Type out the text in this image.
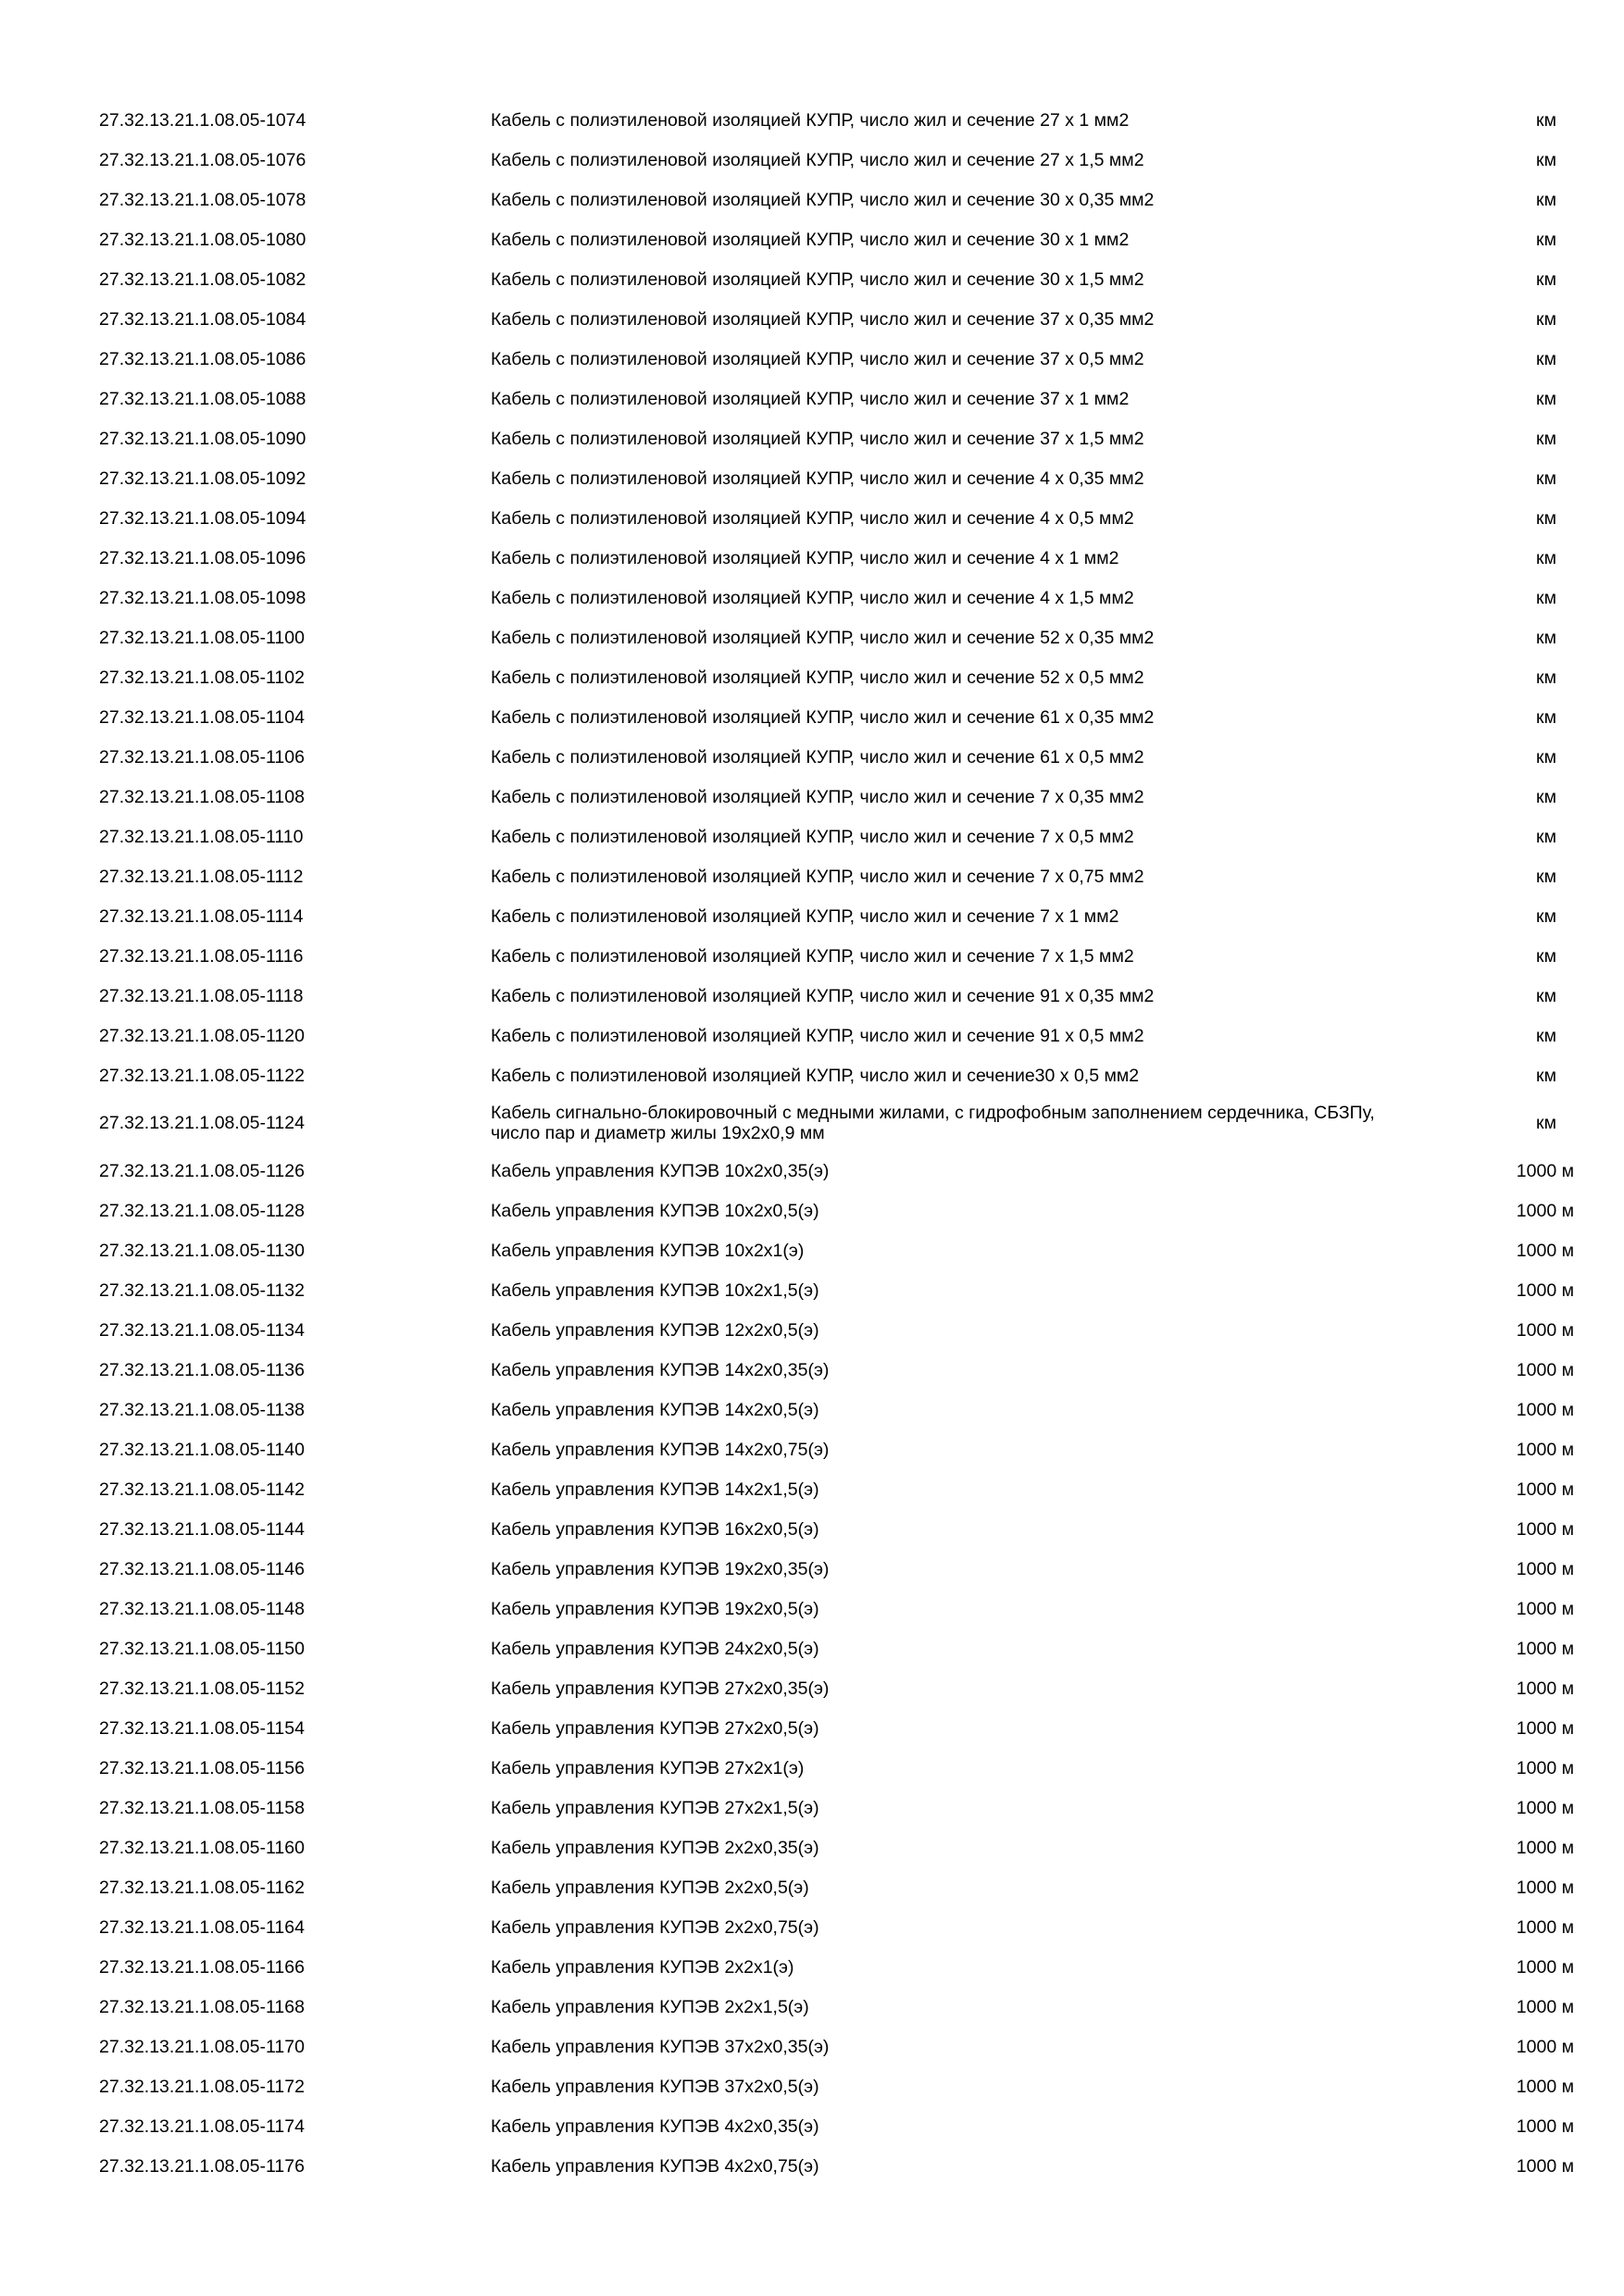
27.32.13.21.1.08.05-1074	Кабель с полиэтиленовой изоляцией КУПР, число жил и сечение 27 х 1 мм2	км
27.32.13.21.1.08.05-1076	Кабель с полиэтиленовой изоляцией КУПР, число жил и сечение 27 х 1,5 мм2	км
27.32.13.21.1.08.05-1078	Кабель с полиэтиленовой изоляцией КУПР, число жил и сечение 30 х 0,35 мм2	км
27.32.13.21.1.08.05-1080	Кабель с полиэтиленовой изоляцией КУПР, число жил и сечение 30 х 1 мм2	км
27.32.13.21.1.08.05-1082	Кабель с полиэтиленовой изоляцией КУПР, число жил и сечение 30 х 1,5 мм2	км
27.32.13.21.1.08.05-1084	Кабель с полиэтиленовой изоляцией КУПР, число жил и сечение 37 х 0,35 мм2	км
27.32.13.21.1.08.05-1086	Кабель с полиэтиленовой изоляцией КУПР, число жил и сечение 37 х 0,5 мм2	км
27.32.13.21.1.08.05-1088	Кабель с полиэтиленовой изоляцией КУПР, число жил и сечение 37 х 1 мм2	км
27.32.13.21.1.08.05-1090	Кабель с полиэтиленовой изоляцией КУПР, число жил и сечение 37 х 1,5 мм2	км
27.32.13.21.1.08.05-1092	Кабель с полиэтиленовой изоляцией КУПР, число жил и сечение 4 х 0,35 мм2	км
27.32.13.21.1.08.05-1094	Кабель с полиэтиленовой изоляцией КУПР, число жил и сечение 4 х 0,5 мм2	км
27.32.13.21.1.08.05-1096	Кабель с полиэтиленовой изоляцией КУПР, число жил и сечение 4 х 1 мм2	км
27.32.13.21.1.08.05-1098	Кабель с полиэтиленовой изоляцией КУПР, число жил и сечение 4 х 1,5 мм2	км
27.32.13.21.1.08.05-1100	Кабель с полиэтиленовой изоляцией КУПР, число жил и сечение 52 х 0,35 мм2	км
27.32.13.21.1.08.05-1102	Кабель с полиэтиленовой изоляцией КУПР, число жил и сечение 52 х 0,5 мм2	км
27.32.13.21.1.08.05-1104	Кабель с полиэтиленовой изоляцией КУПР, число жил и сечение 61 х 0,35 мм2	км
27.32.13.21.1.08.05-1106	Кабель с полиэтиленовой изоляцией КУПР, число жил и сечение 61 х 0,5 мм2	км
27.32.13.21.1.08.05-1108	Кабель с полиэтиленовой изоляцией КУПР, число жил и сечение 7 х 0,35 мм2	км
27.32.13.21.1.08.05-1110	Кабель с полиэтиленовой изоляцией КУПР, число жил и сечение 7 х 0,5 мм2	км
27.32.13.21.1.08.05-1112	Кабель с полиэтиленовой изоляцией КУПР, число жил и сечение 7 х 0,75 мм2	км
27.32.13.21.1.08.05-1114	Кабель с полиэтиленовой изоляцией КУПР, число жил и сечение 7 х 1 мм2	км
27.32.13.21.1.08.05-1116	Кабель с полиэтиленовой изоляцией КУПР, число жил и сечение 7 х 1,5 мм2	км
27.32.13.21.1.08.05-1118	Кабель с полиэтиленовой изоляцией КУПР, число жил и сечение 91 х 0,35 мм2	км
27.32.13.21.1.08.05-1120	Кабель с полиэтиленовой изоляцией КУПР, число жил и сечение 91 х 0,5 мм2	км
27.32.13.21.1.08.05-1122	Кабель с полиэтиленовой изоляцией КУПР, число жил и сечение30 х 0,5 мм2	км
27.32.13.21.1.08.05-1124	Кабель сигнально-блокировочный с медными жилами, с гидрофобным заполнением сердечника, СБЗПу, число пар и диаметр жилы 19х2х0,9 мм	км
27.32.13.21.1.08.05-1126	Кабель управления КУПЭВ 10х2х0,35(э)	1000 м
27.32.13.21.1.08.05-1128	Кабель управления КУПЭВ 10х2х0,5(э)	1000 м
27.32.13.21.1.08.05-1130	Кабель управления КУПЭВ 10х2х1(э)	1000 м
27.32.13.21.1.08.05-1132	Кабель управления КУПЭВ 10х2х1,5(э)	1000 м
27.32.13.21.1.08.05-1134	Кабель управления КУПЭВ 12х2х0,5(э)	1000 м
27.32.13.21.1.08.05-1136	Кабель управления КУПЭВ 14х2х0,35(э)	1000 м
27.32.13.21.1.08.05-1138	Кабель управления КУПЭВ 14х2х0,5(э)	1000 м
27.32.13.21.1.08.05-1140	Кабель управления КУПЭВ 14х2х0,75(э)	1000 м
27.32.13.21.1.08.05-1142	Кабель управления КУПЭВ 14х2х1,5(э)	1000 м
27.32.13.21.1.08.05-1144	Кабель управления КУПЭВ 16х2х0,5(э)	1000 м
27.32.13.21.1.08.05-1146	Кабель управления КУПЭВ 19х2х0,35(э)	1000 м
27.32.13.21.1.08.05-1148	Кабель управления КУПЭВ 19х2х0,5(э)	1000 м
27.32.13.21.1.08.05-1150	Кабель управления КУПЭВ 24х2х0,5(э)	1000 м
27.32.13.21.1.08.05-1152	Кабель управления КУПЭВ 27х2х0,35(э)	1000 м
27.32.13.21.1.08.05-1154	Кабель управления КУПЭВ 27х2х0,5(э)	1000 м
27.32.13.21.1.08.05-1156	Кабель управления КУПЭВ 27х2х1(э)	1000 м
27.32.13.21.1.08.05-1158	Кабель управления КУПЭВ 27х2х1,5(э)	1000 м
27.32.13.21.1.08.05-1160	Кабель управления КУПЭВ 2х2х0,35(э)	1000 м
27.32.13.21.1.08.05-1162	Кабель управления КУПЭВ 2х2х0,5(э)	1000 м
27.32.13.21.1.08.05-1164	Кабель управления КУПЭВ 2х2х0,75(э)	1000 м
27.32.13.21.1.08.05-1166	Кабель управления КУПЭВ 2х2х1(э)	1000 м
27.32.13.21.1.08.05-1168	Кабель управления КУПЭВ 2х2х1,5(э)	1000 м
27.32.13.21.1.08.05-1170	Кабель управления КУПЭВ 37х2х0,35(э)	1000 м
27.32.13.21.1.08.05-1172	Кабель управления КУПЭВ 37х2х0,5(э)	1000 м
27.32.13.21.1.08.05-1174	Кабель управления КУПЭВ 4х2х0,35(э)	1000 м
27.32.13.21.1.08.05-1176	Кабель управления КУПЭВ 4х2х0,75(э)	1000 м
